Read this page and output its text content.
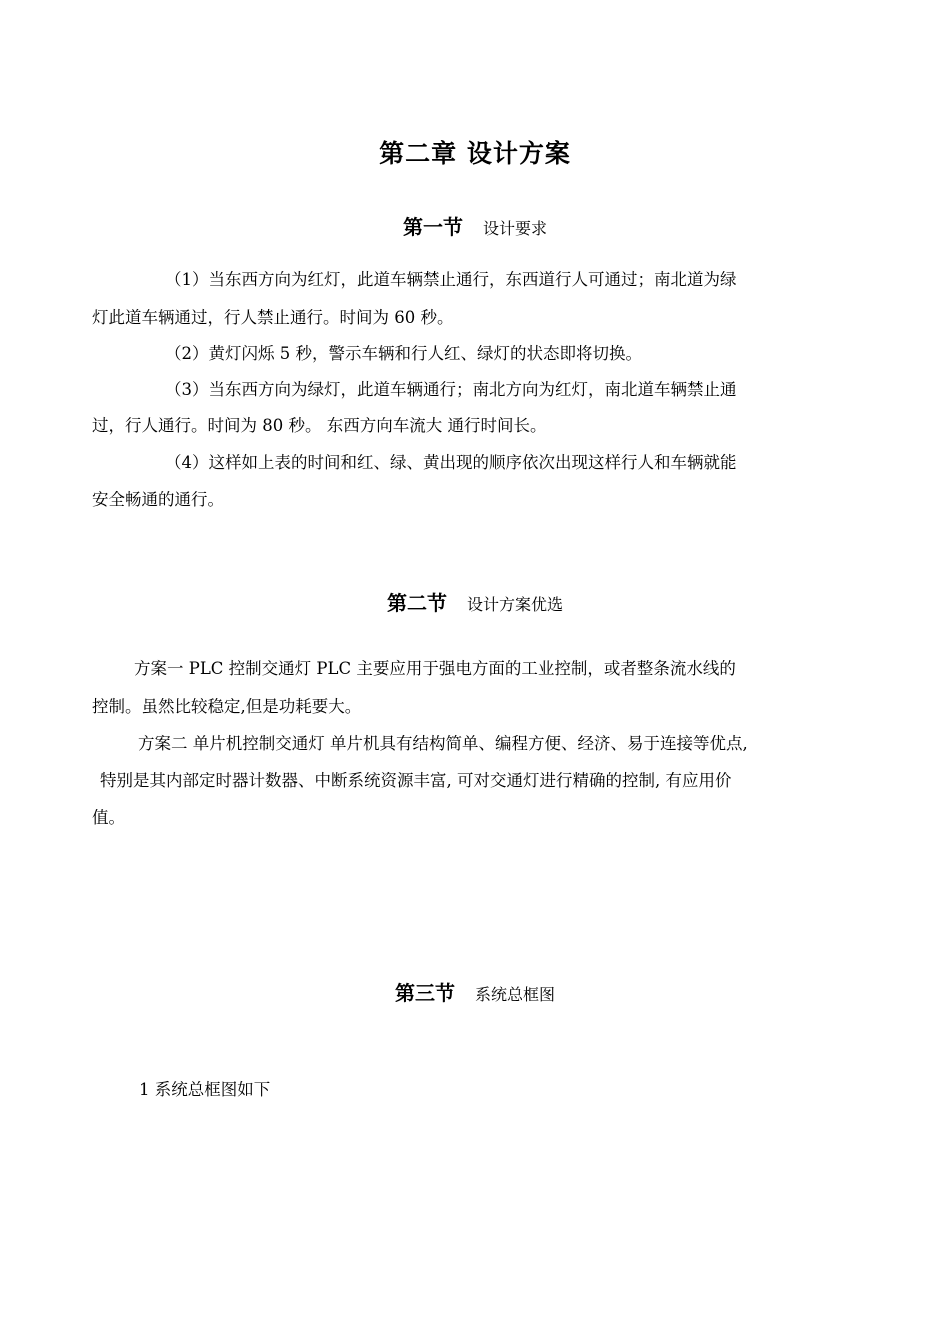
第二章 设计方案
第一节 设计要求
（1）当东西方向为红灯，此道车辆禁止通行，东西道行人可通过；南北道为绿
灯此道车辆通过，行人禁止通行。时间为 60 秒。
（2）黄灯闪烁 5 秒，警示车辆和行人红、绿灯的状态即将切换。
（3）当东西方向为绿灯，此道车辆通行；南北方向为红灯，南北道车辆禁止通
过，行人通行。时间为 80 秒。 东西方向车流大 通行时间长。
（4）这样如上表的时间和红、绿、黄出现的顺序依次出现这样行人和车辆就能
安全畅通的通行。
第二节 设计方案优选
方案一 PLC 控制交通灯 PLC 主要应用于强电方面的工业控制，或者整条流水线的
控制。虽然比较稳定,但是功耗要大。
方案二 单片机控制交通灯 单片机具有结构简单、编程方便、经济、易于连接等优点,
特别是其内部定时器计数器、中断系统资源丰富, 可对交通灯进行精确的控制, 有应用价
值。
第三节 系统总框图
1 系统总框图如下
